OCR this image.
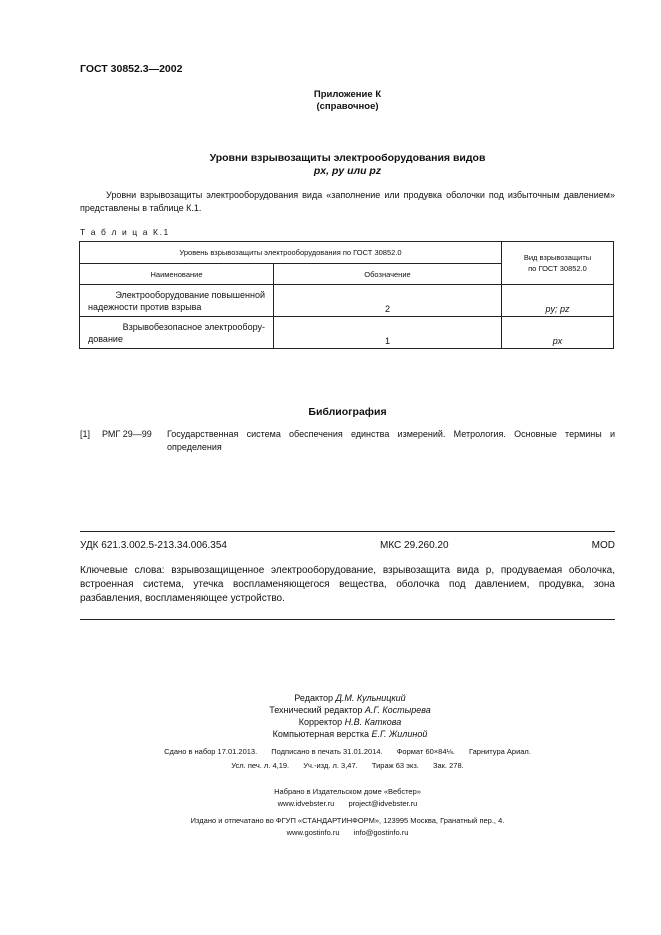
ГОСТ 30852.3—2002
Приложение К
(справочное)
Уровни взрывозащиты электрооборудования видов
px, py или pz
Уровни взрывозащиты электрооборудования вида «заполнение или продувка оболочки под избыточным давлением» представлены в таблице К.1.
Т а б л и ц а К.1
Уровень взрывозащиты электрооборудования по ГОСТ 30852.0		Вид взрывозащиты
по ГОСТ 30852.0

Наименование	Обозначение	

Электрооборудование повышенной
надежности против взрыва	2	py; pz

Взрывобезопасное электрообору-
дование	1	px
Библиография
[1] РМГ 29—99 Государственная система обеспечения единства измерений. Метрология. Основные термины и определения
УДК 621.3.002.5-213.34.006.354	МКС 29.260.20	MOD
Ключевые слова: взрывозащищенное электрооборудование, взрывозащита вида р, продуваемая оболочка, встроенная система, утечка воспламеняющегося вещества, оболочка под давлением, продувка, зона разбавления, воспламеняющее устройство.
Редактор Д.М. Кульницкий
Технический редактор А.Г. Костырева
Корректор Н.В. Каткова
Компьютерная верстка Е.Г. Жилиной
Сдано в набор 17.01.2013. Подписано в печать 31.01.2014. Формат 60×84⅛. Гарнитура Ариал.
Усл. печ. л. 4,19. Уч.-изд. л. 3,47. Тираж 63 экз. Зак. 278.
Набрано в Издательском доме «Вебстер»
www.idvebster.ru project@idvebster.ru
Издано и отпечатано во ФГУП «СТАНДАРТИНФОРМ», 123995 Москва, Гранатный пер., 4.
www.gostinfo.ru info@gostinfo.ru
